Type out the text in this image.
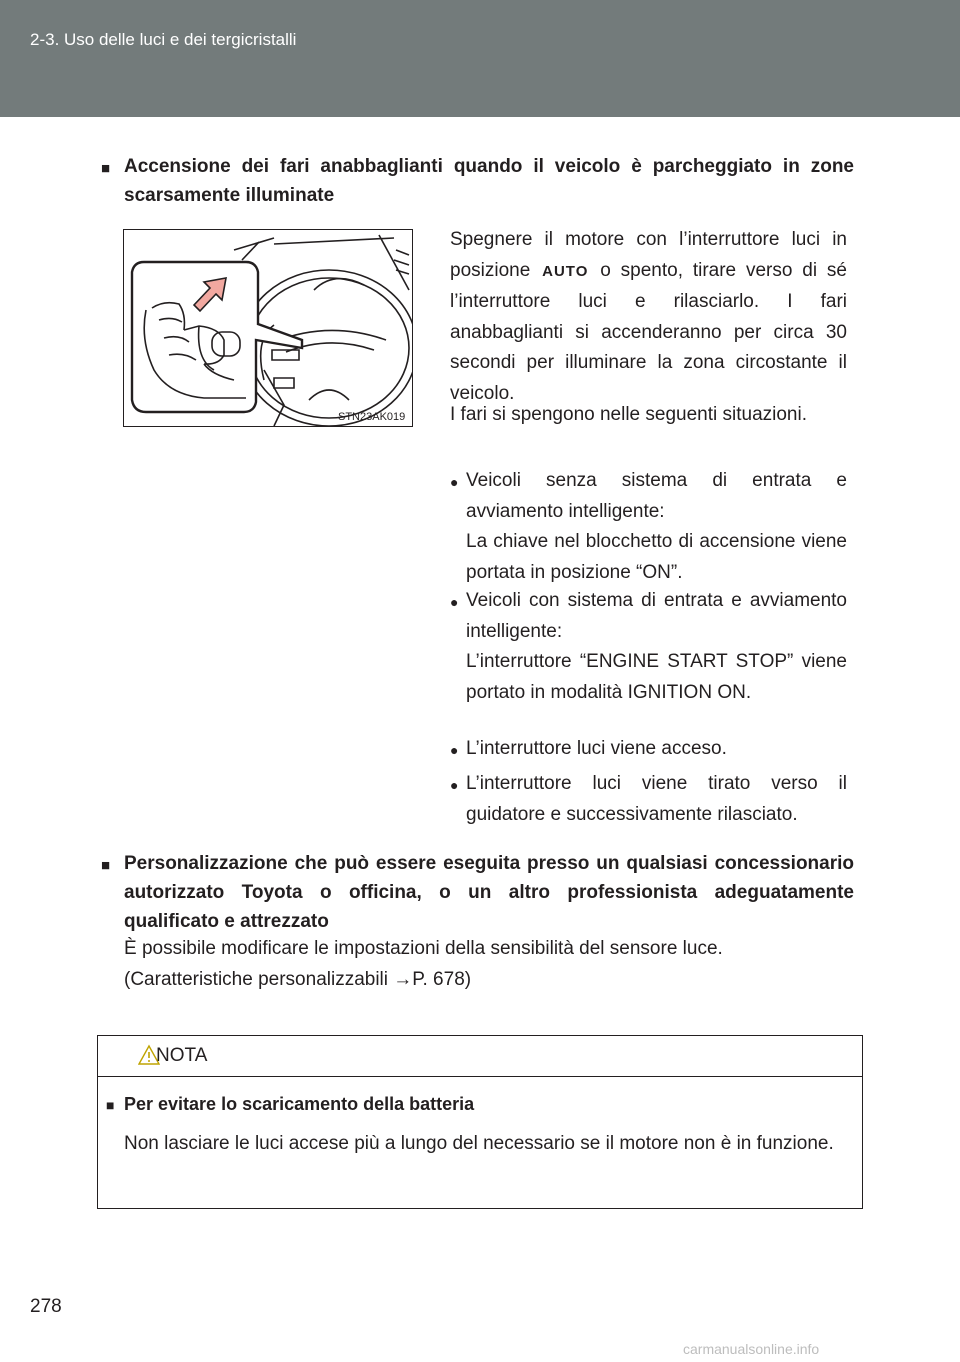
2-3. Uso delle luci e dei tergicristalli
■ Accensione dei fari anabbaglianti quando il veicolo è parcheggiato in zone scarsamente illuminate

STN23AK019

Spegnere il motore con l’interruttore luci in posizione AUTO o spento, tirare verso di sé l’interruttore luci e rilasciarlo. I fari anabbaglianti si accenderanno per circa 30 secondi per illuminare la zona circostante il veicolo.

I fari si spengono nelle seguenti situazioni.

● Veicoli senza sistema di entrata e avviamento intelligente:
La chiave nel blocchetto di accensione viene portata in posizione “ON”.
● Veicoli con sistema di entrata e avviamento intelligente:
L’interruttore “ENGINE START STOP” viene portato in modalità IGNITION ON.
● L’interruttore luci viene acceso.
● L’interruttore luci viene tirato verso il guidatore e successivamente rilasciato.
■ Personalizzazione che può essere eseguita presso un qualsiasi concessionario autorizzato Toyota o officina, o un altro professionista adeguatamente qualificato e attrezzato

È possibile modificare le impostazioni della sensibilità del sensore luce.
(Caratteristiche personalizzabili →P. 678)
NOTA
■ Per evitare lo scaricamento della batteria

Non lasciare le luci accese più a lungo del necessario se il motore non è in funzione.

278
carmanualsonline.info
